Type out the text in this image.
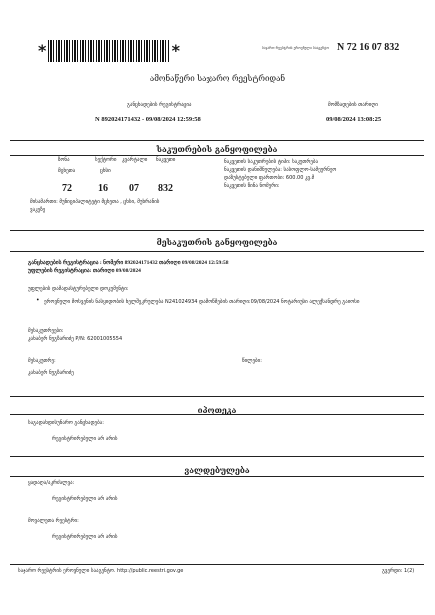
*	*	საჯარო რეესტრის ეროვნული სააგენტო N 72 16 07 832
ამონაწერი საჯარო რეესტრიდან
განცხადების რეგისტრაცია
N 892024171432 - 09/08/2024 12:59:58
მომზადების თარიღი
09/08/2024 13:08:25
საკუთრების განყოფილება
ზონა	სექტორი კვარტალი ნაკვეთი
მცხეთა	ცხსი
72	16 07 832
ნაკვეთის საკუთრების ტიპი: საკუთრება
ნაკვეთის დანიშნულება: სასოფლო-სამეურნეო
დაზუსტებული ფართობი: 600.00 კვ.მ
ნაკვეთის წინა ნომერი:
მისამართი: მუნიციპალიტეტი მცხეთა , ცხსი, მუხრანის ვაკეზე
მესაკუთრის განყოფილება
განცხადების რეგისტრაცია : ნომერი 892024171432 თარიღი 09/08/2024 12:59:58
უფლების რეგისტრაცია: თარიღი 09/08/2024
უფლების დამადასტურებელი დოკუმენტი:
• ეროვნული მოსვენის ნასყიდობის ხელშეკრულება N241024934 დამოწმების თარიღი:09/08/2024 ნოტარიუსი ალექსანდრე გაიოსი
მესაკუთრეები:
კახაბერ ნუგზარიძე P/N: 62001005554
მესაკუთრე:	წილები:
კახაბერ ნუგზარიძე
იპოთეკა
საგადახდისუნარო განცხადება:
რეგისტრირებული არ არის
ვალდებულება
ყადაღა/აკრძალვა:
რეგისტრირებული არ არის
მოვალეთა რეესტრი:
რეგისტრირებული არ არის
საჯარო რეესტრის ეროვნული სააგენტო. http://public.reestri.gov.ge	გვერდი: 1(2)
